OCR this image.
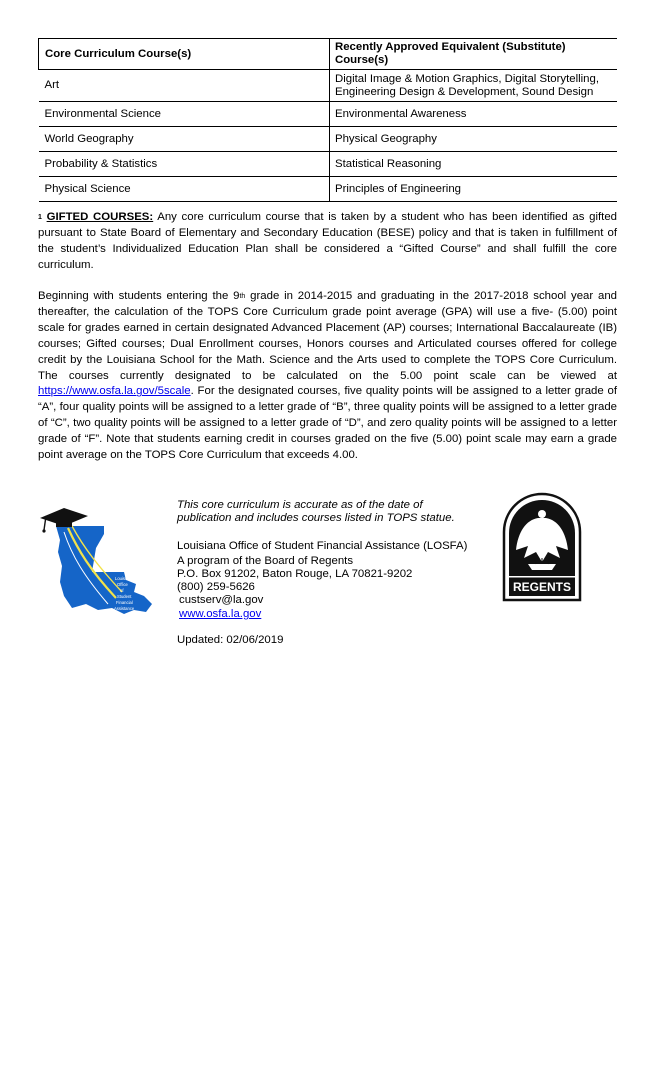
Core Curriculum Course(s)	Recently Approved Equivalent (Substitute) Course(s)
Art	Digital Image & Motion Graphics, Digital Storytelling, Engineering Design & Development, Sound Design
Environmental Science	Environmental Awareness
World Geography	Physical Geography
Probability & Statistics	Statistical Reasoning
Physical Science	Principles of Engineering

$^1$ GIFTED COURSES: Any core curriculum course that is taken by a student who has been identified as gifted pursuant to State Board of Elementary and Secondary Education (BESE) policy and that is taken in fulfillment of the student’s Individualized Education Plan shall be considered a “Gifted Course” and shall fulfill the core curriculum.

Beginning with students entering the 9th grade in 2014-2015 and graduating in the 2017-2018 school year and thereafter, the calculation of the TOPS Core Curriculum grade point average (GPA) will use a five- (5.00) point scale for grades earned in certain designated Advanced Placement (AP) courses; International Baccalaureate (IB) courses; Gifted courses; Dual Enrollment courses, Honors courses and Articulated courses offered for college credit by the Louisiana School for the Math. Science and the Arts used to complete the TOPS Core Curriculum. The courses currently designated to be calculated on the 5.00 point scale can be viewed at https://www.osfa.la.gov/5scale. For the designated courses, five quality points will be assigned to a letter grade of “A”, four quality points will be assigned to a letter grade of “B”, three quality points will be assigned to a letter grade of “C”, two quality points will be assigned to a letter grade of “D”, and zero quality points will be assigned to a letter grade of “F”. Note that students earning credit in courses graded on the five (5.00) point scale may earn a grade point average on the TOPS Core Curriculum that exceeds 4.00.

Louisiana
Office
of
Student
Financial
Assistance

This core curriculum is accurate as of the date of publication and includes courses listed in TOPS statue.

Louisiana Office of Student Financial Assistance (LOSFA)

A program of the Board of Regents

P.O. Box 91202, Baton Rouge, LA 70821-9202

(800) 259-5626

custserv@la.gov

www.osfa.la.gov

Updated: 02/06/2019

REGENTS
